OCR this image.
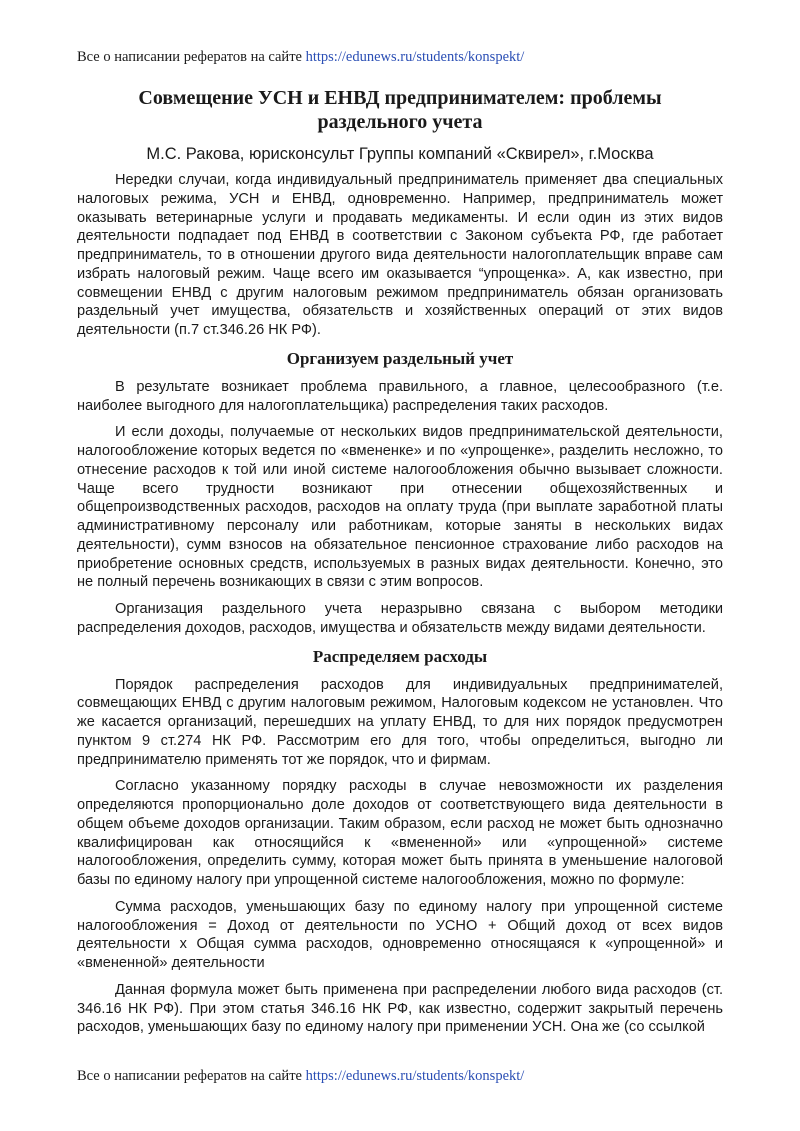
Все о написании рефератов на сайте https://edunews.ru/students/konspekt/
Совмещение УСН и ЕНВД предпринимателем: проблемы раздельного учета
М.С. Ракова, юрисконсульт Группы компаний «Сквирел», г.Москва

Нередки случаи, когда индивидуальный предприниматель применяет два специальных налоговых режима, УСН и ЕНВД, одновременно. Например, предприниматель может оказывать ветеринарные услуги и продавать медикаменты. И если один из этих видов деятельности подпадает под ЕНВД в соответствии с Законом субъекта РФ, где работает предприниматель, то в отношении другого вида деятельности налогоплательщик вправе сам избрать налоговый режим. Чаще всего им оказывается “упрощенка». А, как известно, при совмещении ЕНВД с другим налоговым режимом предприниматель обязан организовать раздельный учет имущества, обязательств и хозяйственных операций от этих видов деятельности (п.7 ст.346.26 НК РФ).

Организуем раздельный учет

В результате возникает проблема правильного, а главное, целесообразного (т.е. наиболее выгодного для налогоплательщика) распределения таких расходов.

И если доходы, получаемые от нескольких видов предпринимательской деятельности, налогообложение которых ведется по «вмененке» и по «упрощенке», разделить несложно, то отнесение расходов к той или иной системе налогообложения обычно вызывает сложности. Чаще всего трудности возникают при отнесении общехозяйственных и общепроизводственных расходов, расходов на оплату труда (при выплате заработной платы административному персоналу или работникам, которые заняты в нескольких видах деятельности), сумм взносов на обязательное пенсионное страхование либо расходов на приобретение основных средств, используемых в разных видах деятельности. Конечно, это не полный перечень возникающих в связи с этим вопросов.

Организация раздельного учета неразрывно связана с выбором методики распределения доходов, расходов, имущества и обязательств между видами деятельности.

Распределяем расходы

Порядок распределения расходов для индивидуальных предпринимателей, совмещающих ЕНВД с другим налоговым режимом, Налоговым кодексом не установлен. Что же касается организаций, перешедших на уплату ЕНВД, то для них порядок предусмотрен пунктом 9 ст.274 НК РФ. Рассмотрим его для того, чтобы определиться, выгодно ли предпринимателю применять тот же порядок, что и фирмам.

Согласно указанному порядку расходы в случае невозможности их разделения определяются пропорционально доле доходов от соответствующего вида деятельности в общем объеме доходов организации. Таким образом, если расход не может быть однозначно квалифицирован как относящийся к «вмененной» или «упрощенной» системе налогообложения, определить сумму, которая может быть принята в уменьшение налоговой базы по единому налогу при упрощенной системе налогообложения, можно по формуле:

Сумма расходов, уменьшающих базу по единому налогу при упрощенной системе налогообложения = Доход от деятельности по УСНО + Общий доход от всех видов деятельности х Общая сумма расходов, одновременно относящаяся к «упрощенной» и «вмененной» деятельности

Данная формула может быть применена при распределении любого вида расходов (ст. 346.16 НК РФ). При этом статья 346.16 НК РФ, как известно, содержит закрытый перечень расходов, уменьшающих базу по единому налогу при применении УСН. Она же (со ссылкой

Все о написании рефератов на сайте https://edunews.ru/students/konspekt/
